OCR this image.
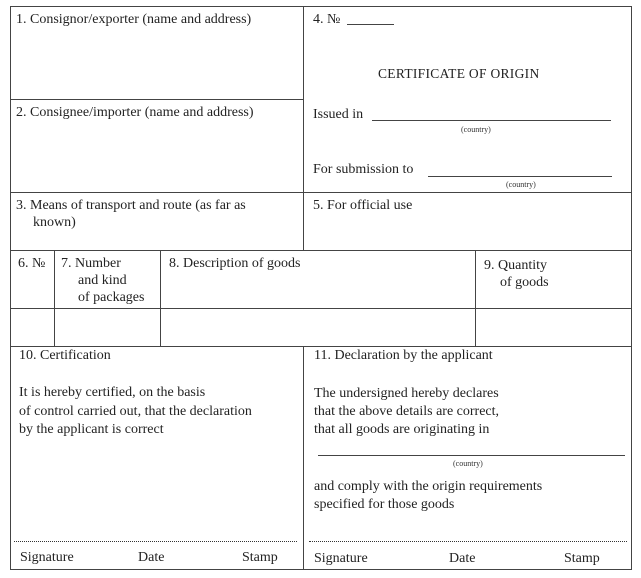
1. Consignor/exporter (name and address)	4. №
CERTIFICATE OF ORIGIN
2. Consignee/importer (name and address)	Issued in
(country)
For submission to
(country)
3. Means of transport and route (as far as
known)
5. For official use
6. № 7. Number
and kind
of packages
8. Description of goods	9. Quantity
of goods
10. Certification
It is hereby certified, on the basis
of control carried out, that the declaration
by the applicant is correct
Signature	Date	Stamp
11. Declaration by the applicant
The undersigned hereby declares
that the above details are correct,
that all goods are originating in
(country)
and comply with the origin requirements
specified for those goods
Signature	Date	Stamp
